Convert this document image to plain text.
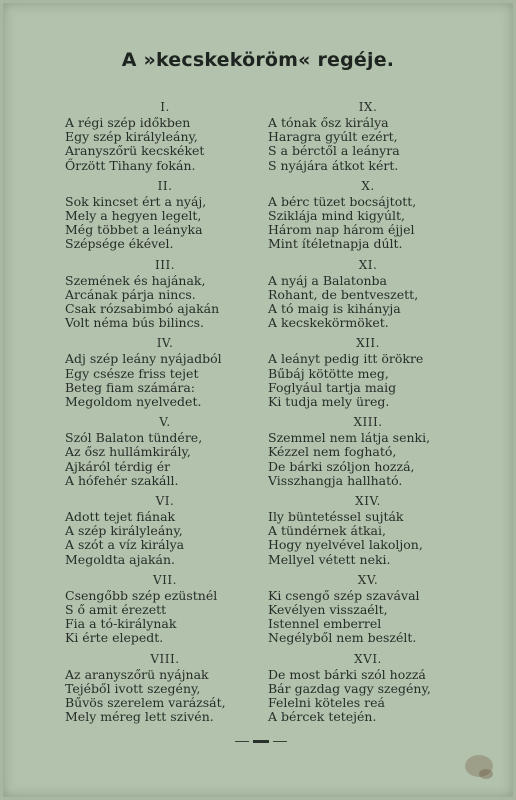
A »kecskeköröm« regéje.
I.
A régi szép időkben
Egy szép királyleány,
Aranyszőrü kecskéket
Őrzött Tihany fokán.
II.
Sok kincset ért a nyáj,
Mely a hegyen legelt,
Még többet a leányka
Szépsége ékével.
III.
Szemének és hajának,
Arcának párja nincs.
Csak rózsabimbó ajakán
Volt néma bús bilincs.
IV.
Adj szép leány nyájadból
Egy csésze friss tejet
Beteg fiam számára:
Megoldom nyelvedet.
V.
Szól Balaton tündére,
Az ősz hullámkirály,
Ajkáról térdig ér
A hófehér szakáll.
VI.
Adott tejet fiának
A szép királyleány,
A szót a víz királya
Megoldta ajakán.
VII.
Csengőbb szép ezüstnél
S ő amit érezett
Fia a tó-királynak
Ki érte elepedt.
VIII.
Az aranyszőrü nyájnak
Tejéből ivott szegény,
Bűvös szerelem varázsát,
Mely méreg lett szivén.
IX.
A tónak ősz királya
Haragra gyúlt ezért,
S a bérctől a leányra
S nyájára átkot kért.
X.
A bérc tüzet bocsájtott,
Sziklája mind kigyúlt,
Három nap három éjjel
Mint ítéletnapja dúlt.
XI.
A nyáj a Balatonba
Rohant, de bentveszett,
A tó maig is kihányja
A kecskekörmöket.
XII.
A leányt pedig itt örökre
Bűbáj kötötte meg,
Foglyául tartja maig
Ki tudja mely üreg.
XIII.
Szemmel nem látja senki,
Kézzel nem fogható,
De bárki szóljon hozzá,
Visszhangja hallható.
XIV.
Ily büntetéssel sujták
A tündérnek átkai,
Hogy nyelvével lakoljon,
Mellyel vétett neki.
XV.
Ki csengő szép szavával
Kevélyen visszaélt,
Istennel emberrel
Negélyből nem beszélt.
XVI.
De most bárki szól hozzá
Bár gazdag vagy szegény,
Felelni köteles reá
A bércek tetején.
